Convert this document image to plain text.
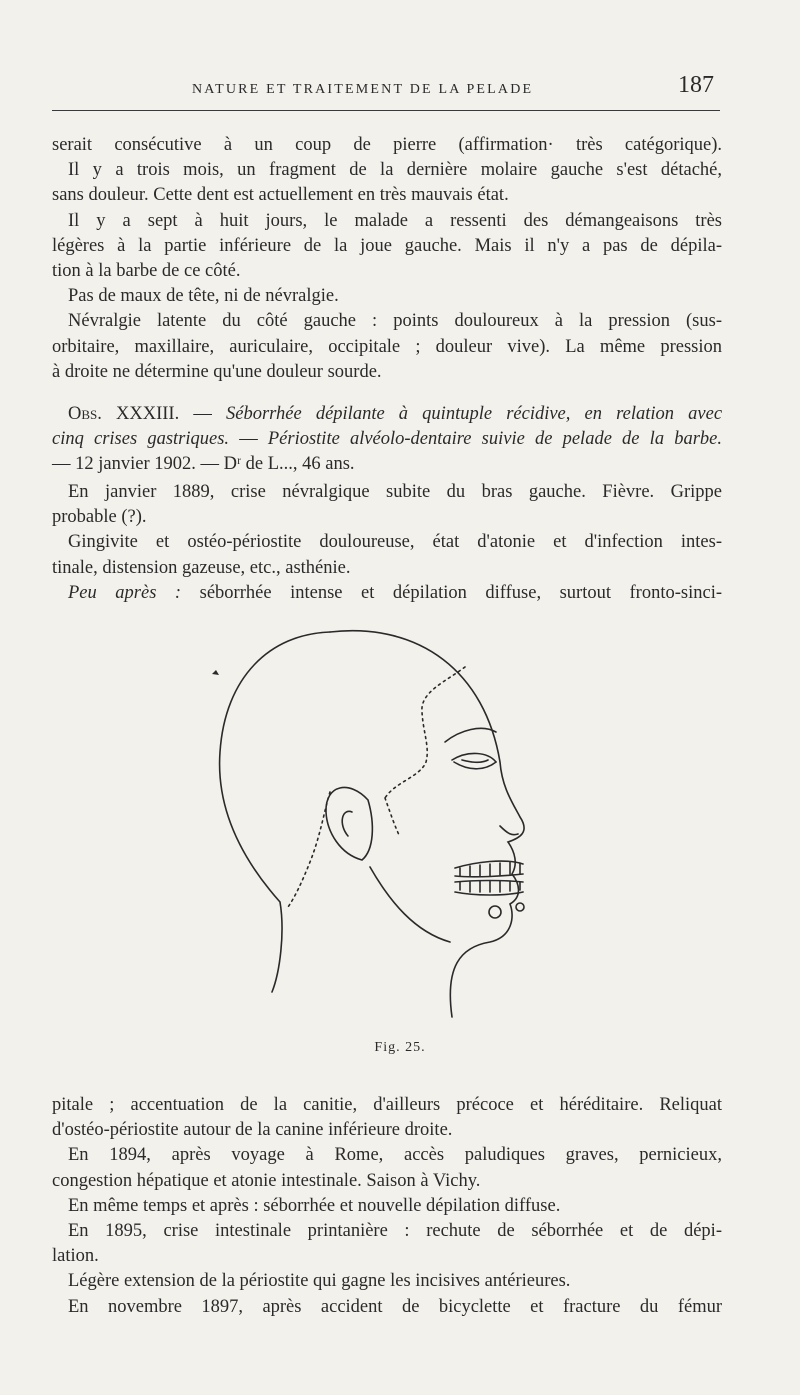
NATURE ET TRAITEMENT DE LA PELADE	187
serait consécutive à un coup de pierre (affirmation· très catégorique).
Il y a trois mois, un fragment de la dernière molaire gauche s'est détaché,
sans douleur. Cette dent est actuellement en très mauvais état.
Il y a sept à huit jours, le malade a ressenti des démangeaisons très
légères à la partie inférieure de la joue gauche. Mais il n'y a pas de dépila-
tion à la barbe de ce côté.
Pas de maux de tête, ni de névralgie.
Névralgie latente du côté gauche : points douloureux à la pression (sus-
orbitaire, maxillaire, auriculaire, occipitale ; douleur vive). La même pression
à droite ne détermine qu'une douleur sourde.
Obs. XXXIII. — Séborrhée dépilante à quintuple récidive, en relation avec
cinq crises gastriques. — Périostite alvéolo-dentaire suivie de pelade de la barbe.
— 12 janvier 1902. — Dʳ de L..., 46 ans.
En janvier 1889, crise névralgique subite du bras gauche. Fièvre. Grippe
probable (?).
Gingivite et ostéo-périostite douloureuse, état d'atonie et d'infection intes-
tinale, distension gazeuse, etc., asthénie.
Peu après : séborrhée intense et dépilation diffuse, surtout fronto-sinci-
Fig. 25.
pitale ; accentuation de la canitie, d'ailleurs précoce et héréditaire. Reliquat
d'ostéo-périostite autour de la canine inférieure droite.
En 1894, après voyage à Rome, accès paludiques graves, pernicieux,
congestion hépatique et atonie intestinale. Saison à Vichy.
En même temps et après : séborrhée et nouvelle dépilation diffuse.
En 1895, crise intestinale printanière : rechute de séborrhée et de dépi-
lation.
Légère extension de la périostite qui gagne les incisives antérieures.
En novembre 1897, après accident de bicyclette et fracture du fémur
